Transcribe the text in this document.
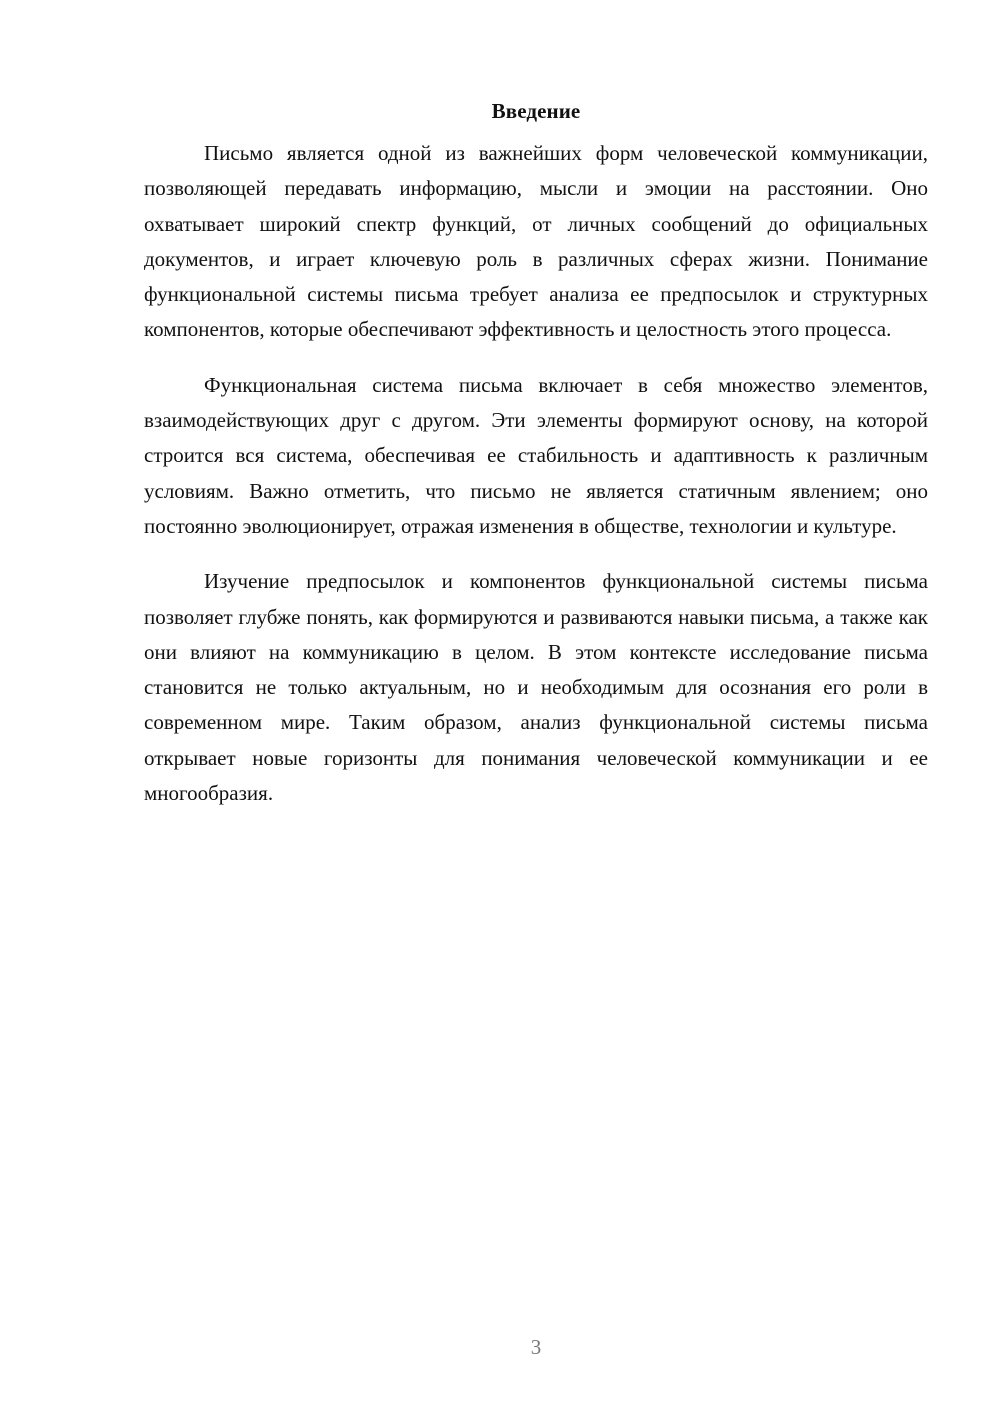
Введение

Письмо является одной из важнейших форм человеческой коммуникации, позволяющей передавать информацию, мысли и эмоции на расстоянии. Оно охватывает широкий спектр функций, от личных сообщений до официальных документов, и играет ключевую роль в различных сферах жизни. Понимание функциональной системы письма требует анализа ее предпосылок и структурных компонентов, которые обеспечивают эффективность и целостность этого процесса.

Функциональная система письма включает в себя множество элементов, взаимодействующих друг с другом. Эти элементы формируют основу, на которой строится вся система, обеспечивая ее стабильность и адаптивность к различным условиям. Важно отметить, что письмо не является статичным явлением; оно постоянно эволюционирует, отражая изменения в обществе, технологии и культуре.

Изучение предпосылок и компонентов функциональной системы письма позволяет глубже понять, как формируются и развиваются навыки письма, а также как они влияют на коммуникацию в целом. В этом контексте исследование письма становится не только актуальным, но и необходимым для осознания его роли в современном мире. Таким образом, анализ функциональной системы письма открывает новые горизонты для понимания человеческой коммуникации и ее многообразия.

3
